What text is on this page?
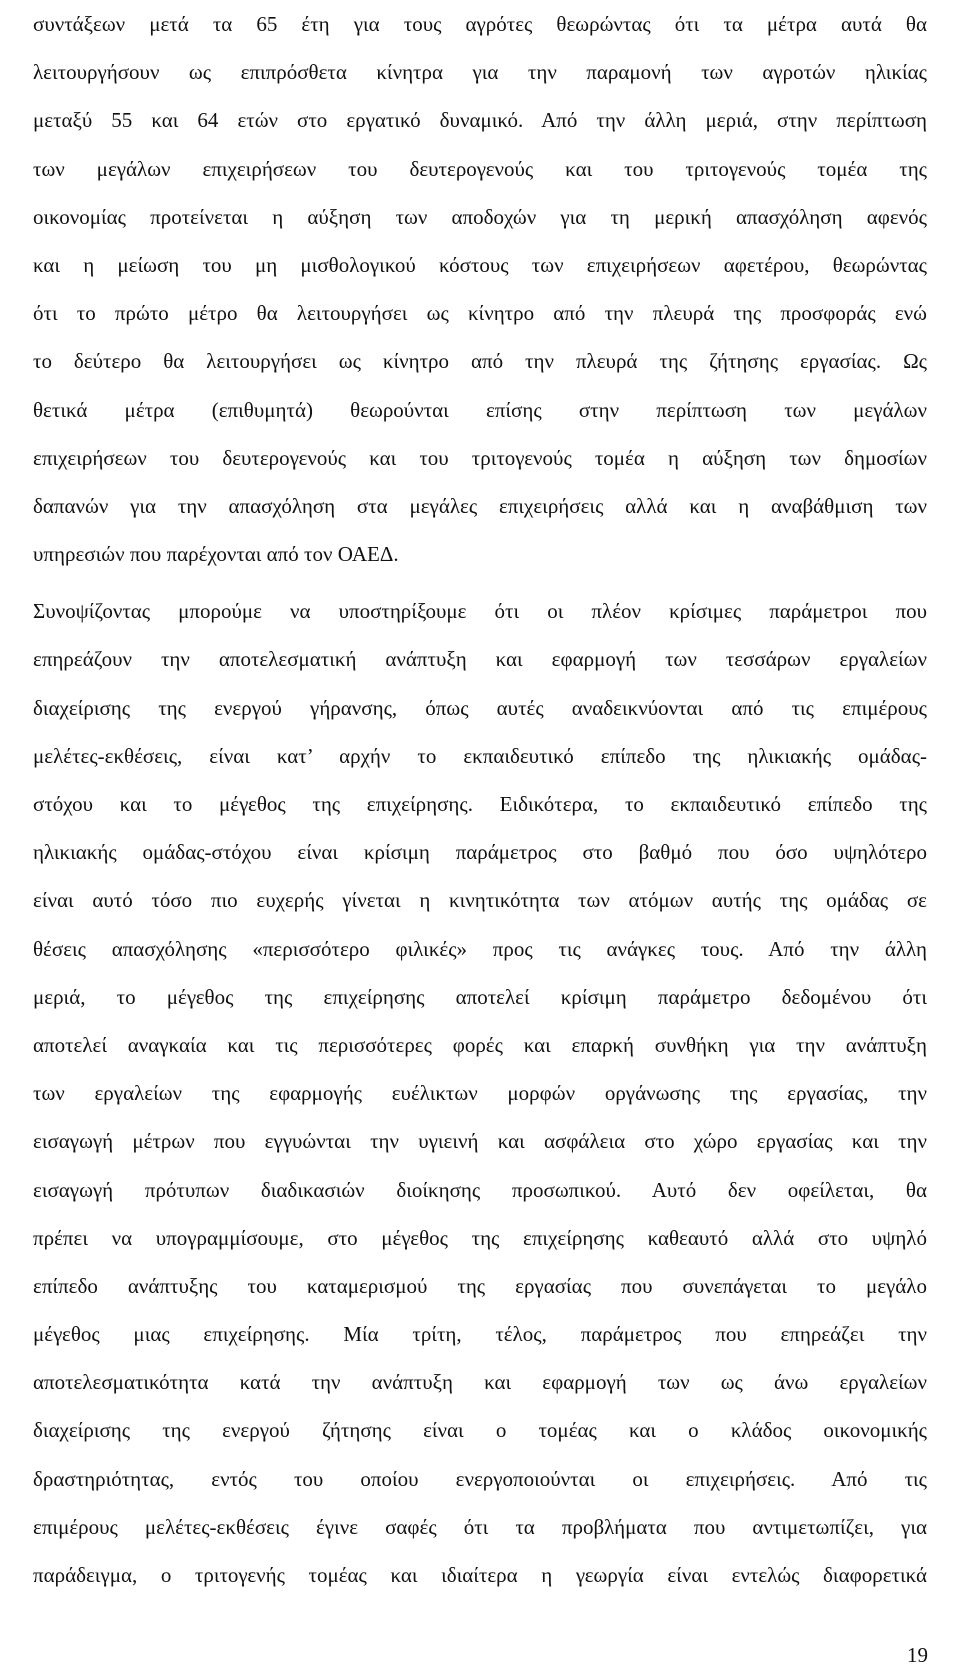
συντάξεων μετά τα 65 έτη για τους αγρότες θεωρώντας ότι τα μέτρα αυτά θα
λειτουργήσουν ως επιπρόσθετα κίνητρα για την παραμονή των αγροτών ηλικίας
μεταξύ 55 και 64 ετών στο εργατικό δυναμικό. Από την άλλη μεριά, στην περίπτωση
των μεγάλων επιχειρήσεων του δευτερογενούς και του τριτογενούς τομέα της
οικονομίας προτείνεται η αύξηση των αποδοχών για τη μερική απασχόληση αφενός
και η μείωση του μη μισθολογικού κόστους των επιχειρήσεων αφετέρου, θεωρώντας
ότι το πρώτο μέτρο θα λειτουργήσει ως κίνητρο από την πλευρά της προσφοράς ενώ
το δεύτερο θα λειτουργήσει ως κίνητρο από την πλευρά της ζήτησης εργασίας. Ως
θετικά μέτρα (επιθυμητά) θεωρούνται επίσης στην περίπτωση των μεγάλων
επιχειρήσεων του δευτερογενούς και του τριτογενούς τομέα η αύξηση των δημοσίων
δαπανών για την απασχόληση στα μεγάλες επιχειρήσεις αλλά και η αναβάθμιση των
υπηρεσιών που παρέχονται από τον ΟΑΕΔ.
Συνοψίζοντας μπορούμε να υποστηρίξουμε ότι οι πλέον κρίσιμες παράμετροι που
επηρεάζουν την αποτελεσματική ανάπτυξη και εφαρμογή των τεσσάρων εργαλείων
διαχείρισης της ενεργού γήρανσης, όπως αυτές αναδεικνύονται από τις επιμέρους
μελέτες-εκθέσεις, είναι κατ’ αρχήν το εκπαιδευτικό επίπεδο της ηλικιακής ομάδας-
στόχου και το μέγεθος της επιχείρησης. Ειδικότερα, το εκπαιδευτικό επίπεδο της
ηλικιακής ομάδας-στόχου είναι κρίσιμη παράμετρος στο βαθμό που όσο υψηλότερο
είναι αυτό τόσο πιο ευχερής γίνεται η κινητικότητα των ατόμων αυτής της ομάδας σε
θέσεις απασχόλησης «περισσότερο φιλικές» προς τις ανάγκες τους. Από την άλλη
μεριά, το μέγεθος της επιχείρησης αποτελεί κρίσιμη παράμετρο δεδομένου ότι
αποτελεί αναγκαία και τις περισσότερες φορές και επαρκή συνθήκη για την ανάπτυξη
των εργαλείων της εφαρμογής ευέλικτων μορφών οργάνωσης της εργασίας, την
εισαγωγή μέτρων που εγγυώνται την υγιεινή και ασφάλεια στο χώρο εργασίας και την
εισαγωγή πρότυπων διαδικασιών διοίκησης προσωπικού. Αυτό δεν οφείλεται, θα
πρέπει να υπογραμμίσουμε, στο μέγεθος της επιχείρησης καθεαυτό αλλά στο υψηλό
επίπεδο ανάπτυξης του καταμερισμού της εργασίας που συνεπάγεται το μεγάλο
μέγεθος μιας επιχείρησης. Μία τρίτη, τέλος, παράμετρος που επηρεάζει την
αποτελεσματικότητα κατά την ανάπτυξη και εφαρμογή των ως άνω εργαλείων
διαχείρισης της ενεργού ζήτησης είναι ο τομέας και ο κλάδος οικονομικής
δραστηριότητας, εντός του οποίου ενεργοποιούνται οι επιχειρήσεις. Από τις
επιμέρους μελέτες-εκθέσεις έγινε σαφές ότι τα προβλήματα που αντιμετωπίζει, για
παράδειγμα, ο τριτογενής τομέας και ιδιαίτερα η γεωργία είναι εντελώς διαφορετικά
19
